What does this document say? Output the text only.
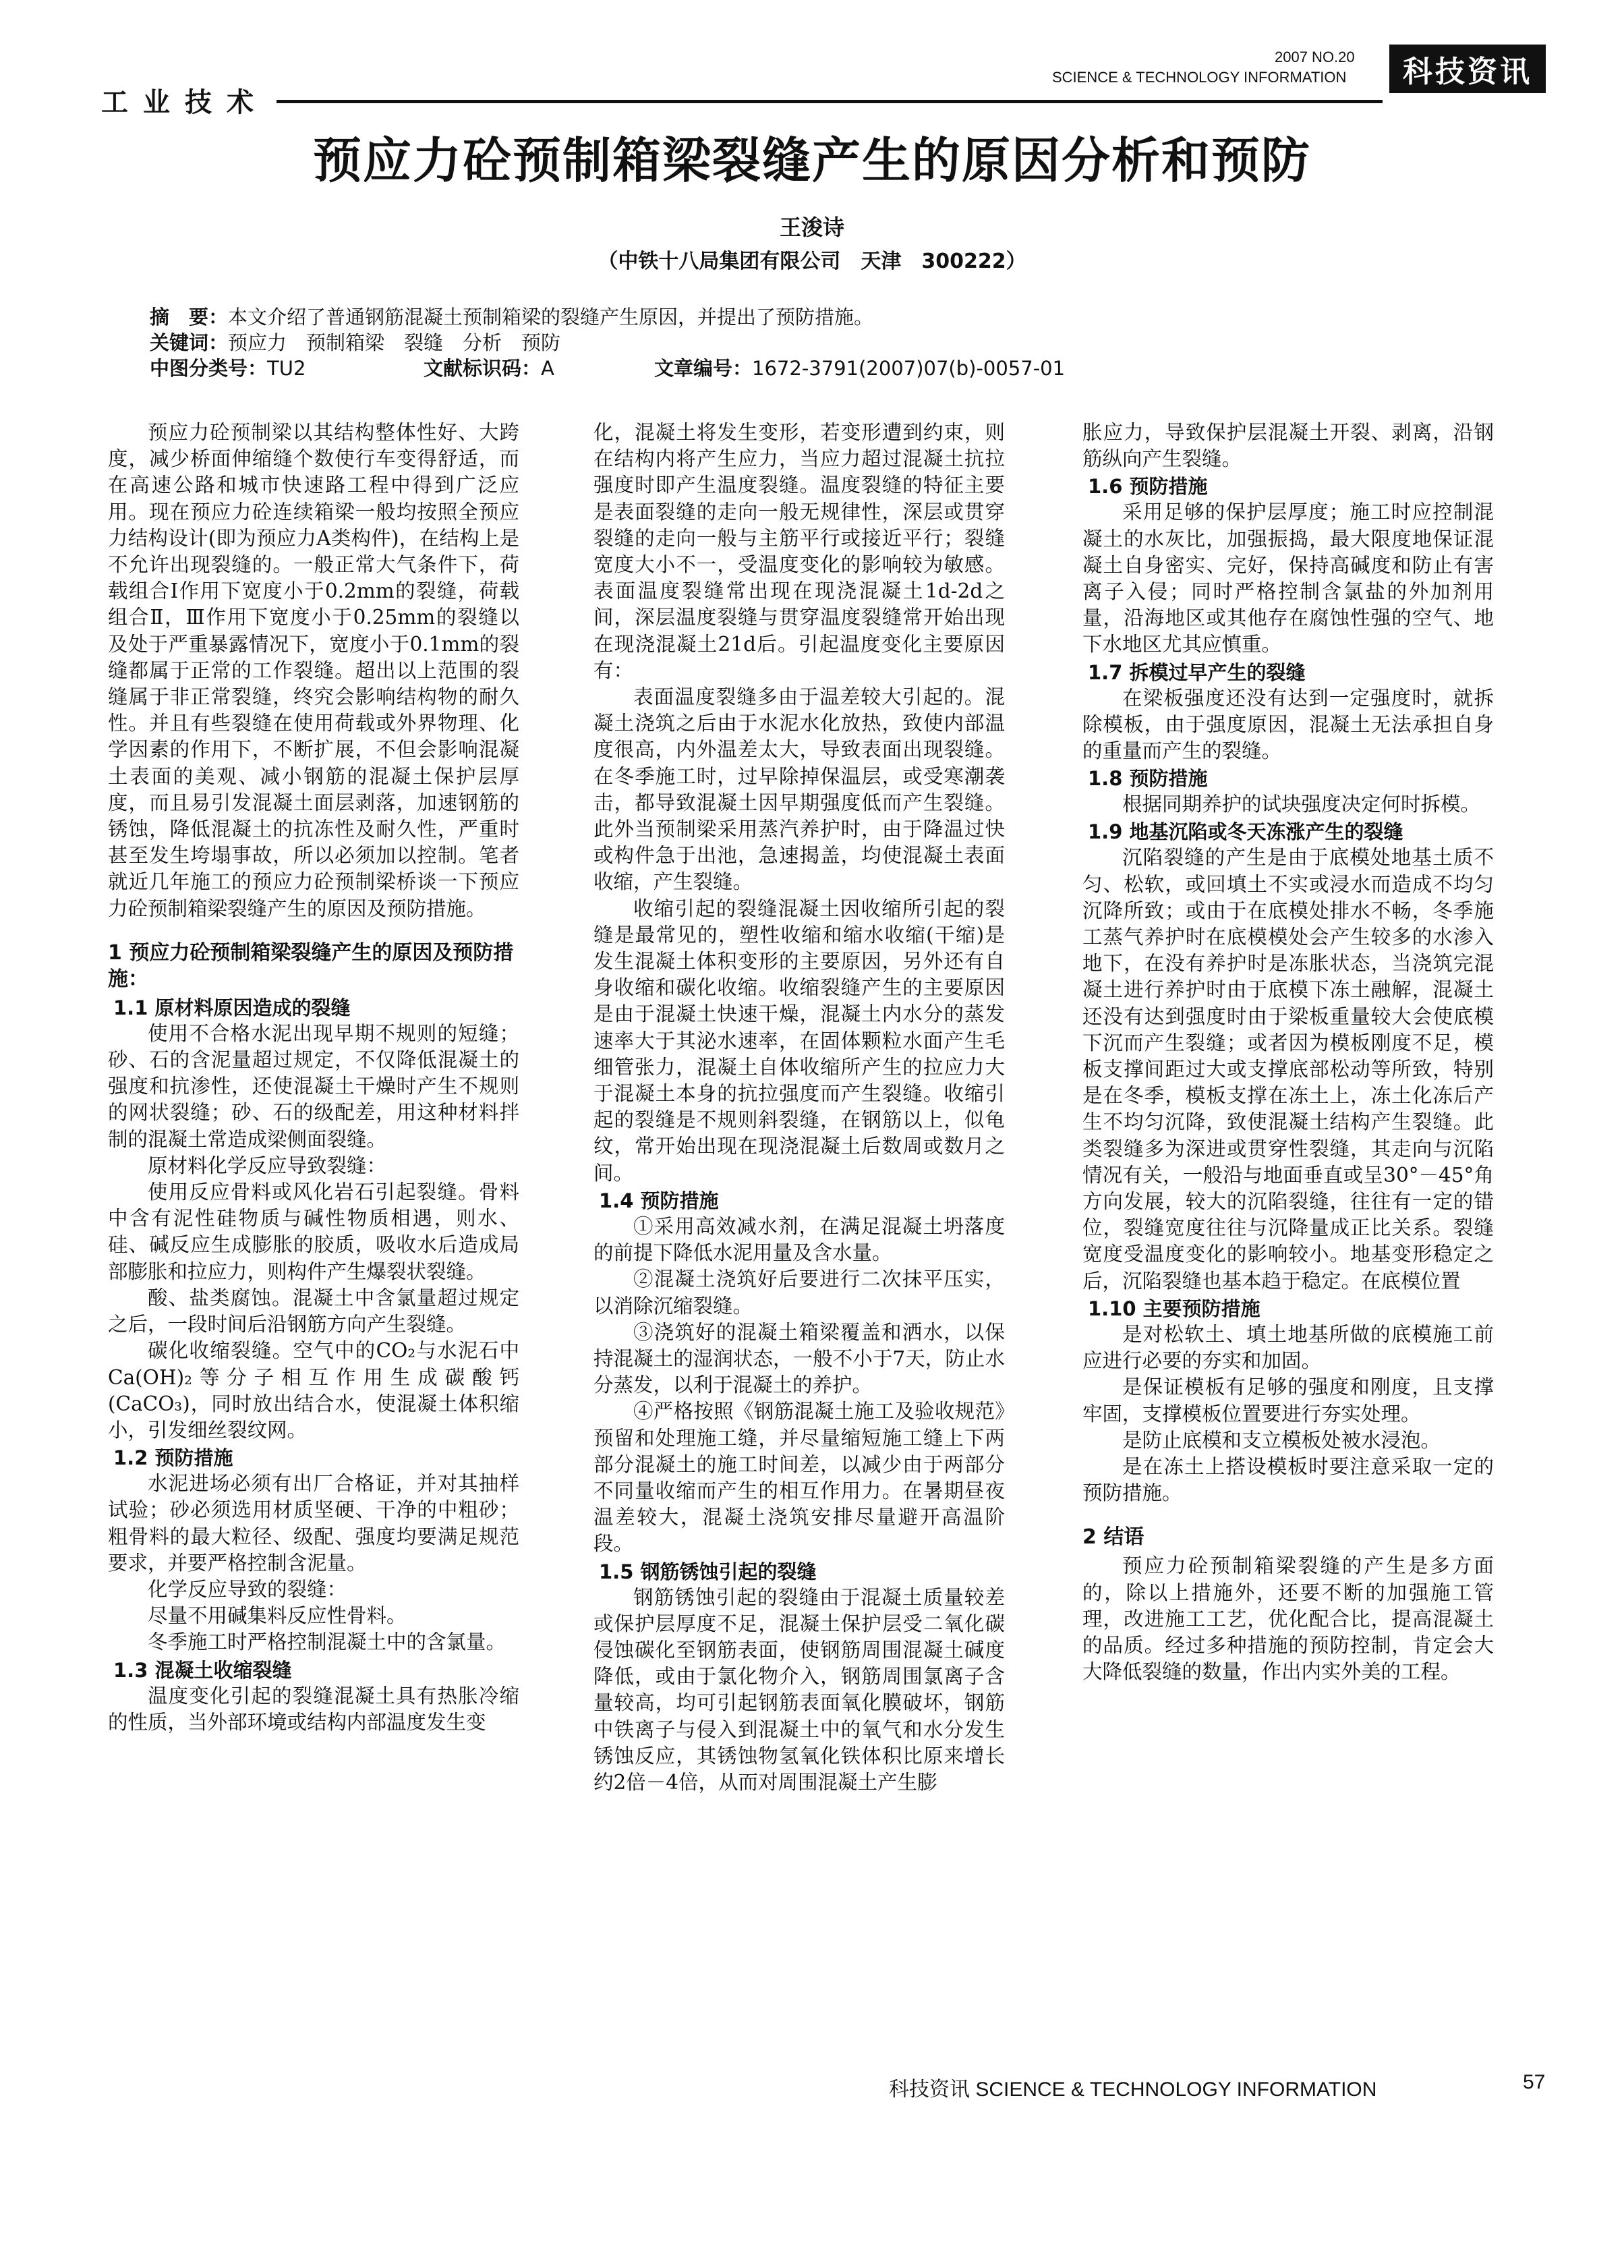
工业技术
2007 NO.20
SCIENCE & TECHNOLOGY INFORMATION	科技资讯
预应力砼预制箱梁裂缝产生的原因分析和预防
王浚诗
（中铁十八局集团有限公司　天津　300222）
摘　要：本文介绍了普通钢筋混凝土预制箱梁的裂缝产生原因，并提出了预防措施。
关键词：预应力　预制箱梁　裂缝　分析　预防
中图分类号：TU2	文献标识码：A	文章编号：1672-3791(2007)07(b)-0057-01

预应力砼预制梁以其结构整体性好、大跨度，减少桥面伸缩缝个数使行车变得舒适，而在高速公路和城市快速路工程中得到广泛应用。现在预应力砼连续箱梁一般均按照全预应力结构设计(即为预应力A类构件)，在结构上是不允许出现裂缝的。一般正常大气条件下，荷载组合Ⅰ作用下宽度小于0.2mm的裂缝，荷载组合Ⅱ，Ⅲ作用下宽度小于0.25mm的裂缝以及处于严重暴露情况下，宽度小于0.1mm的裂缝都属于正常的工作裂缝。超出以上范围的裂缝属于非正常裂缝，终究会影响结构物的耐久性。并且有些裂缝在使用荷载或外界物理、化学因素的作用下，不断扩展，不但会影响混凝土表面的美观、减小钢筋的混凝土保护层厚度，而且易引发混凝土面层剥落，加速钢筋的锈蚀，降低混凝土的抗冻性及耐久性，严重时甚至发生垮塌事故，所以必须加以控制。笔者就近几年施工的预应力砼预制梁桥谈一下预应力砼预制箱梁裂缝产生的原因及预防措施。

1 预应力砼预制箱梁裂缝产生的原因及预防措施：
1.1 原材料原因造成的裂缝

使用不合格水泥出现早期不规则的短缝；砂、石的含泥量超过规定，不仅降低混凝土的强度和抗渗性，还使混凝土干燥时产生不规则的网状裂缝；砂、石的级配差，用这种材料拌制的混凝土常造成梁侧面裂缝。

原材料化学反应导致裂缝：

使用反应骨料或风化岩石引起裂缝。骨料中含有泥性硅物质与碱性物质相遇，则水、硅、碱反应生成膨胀的胶质，吸收水后造成局部膨胀和拉应力，则构件产生爆裂状裂缝。

酸、盐类腐蚀。混凝土中含氯量超过规定之后，一段时间后沿钢筋方向产生裂缝。

碳化收缩裂缝。空气中的CO₂与水泥石中Ca(OH)₂等分子相互作用生成碳酸钙(CaCO₃)，同时放出结合水，使混凝土体积缩小，引发细丝裂纹网。

1.2 预防措施

水泥进场必须有出厂合格证，并对其抽样试验；砂必须选用材质坚硬、干净的中粗砂；粗骨料的最大粒径、级配、强度均要满足规范要求，并要严格控制含泥量。

化学反应导致的裂缝：

尽量不用碱集料反应性骨料。

冬季施工时严格控制混凝土中的含氯量。

1.3 混凝土收缩裂缝

温度变化引起的裂缝混凝土具有热胀冷缩的性质，当外部环境或结构内部温度发生变

化，混凝土将发生变形，若变形遭到约束，则在结构内将产生应力，当应力超过混凝土抗拉强度时即产生温度裂缝。温度裂缝的特征主要是表面裂缝的走向一般无规律性，深层或贯穿裂缝的走向一般与主筋平行或接近平行；裂缝宽度大小不一，受温度变化的影响较为敏感。表面温度裂缝常出现在现浇混凝土1d-2d之间，深层温度裂缝与贯穿温度裂缝常开始出现在现浇混凝土21d后。引起温度变化主要原因有：

表面温度裂缝多由于温差较大引起的。混凝土浇筑之后由于水泥水化放热，致使内部温度很高，内外温差太大，导致表面出现裂缝。在冬季施工时，过早除掉保温层，或受寒潮袭击，都导致混凝土因早期强度低而产生裂缝。此外当预制梁采用蒸汽养护时，由于降温过快或构件急于出池，急速揭盖，均使混凝土表面收缩，产生裂缝。

收缩引起的裂缝混凝土因收缩所引起的裂缝是最常见的，塑性收缩和缩水收缩(干缩)是发生混凝土体积变形的主要原因，另外还有自身收缩和碳化收缩。收缩裂缝产生的主要原因是由于混凝土快速干燥，混凝土内水分的蒸发速率大于其泌水速率，在固体颗粒水面产生毛细管张力，混凝土自体收缩所产生的拉应力大于混凝土本身的抗拉强度而产生裂缝。收缩引起的裂缝是不规则斜裂缝，在钢筋以上，似龟纹，常开始出现在现浇混凝土后数周或数月之间。

1.4 预防措施

①采用高效减水剂，在满足混凝土坍落度的前提下降低水泥用量及含水量。

②混凝土浇筑好后要进行二次抹平压实，以消除沉缩裂缝。

③浇筑好的混凝土箱梁覆盖和洒水，以保持混凝土的湿润状态，一般不小于7天，防止水分蒸发，以利于混凝土的养护。

④严格按照《钢筋混凝土施工及验收规范》预留和处理施工缝，并尽量缩短施工缝上下两部分混凝土的施工时间差，以减少由于两部分不同量收缩而产生的相互作用力。在暑期昼夜温差较大，混凝土浇筑安排尽量避开高温阶段。

1.5 钢筋锈蚀引起的裂缝

钢筋锈蚀引起的裂缝由于混凝土质量较差或保护层厚度不足，混凝土保护层受二氧化碳侵蚀碳化至钢筋表面，使钢筋周围混凝土碱度降低，或由于氯化物介入，钢筋周围氯离子含量较高，均可引起钢筋表面氧化膜破坏，钢筋中铁离子与侵入到混凝土中的氧气和水分发生锈蚀反应，其锈蚀物氢氧化铁体积比原来增长约2倍－4倍，从而对周围混凝土产生膨

胀应力，导致保护层混凝土开裂、剥离，沿钢筋纵向产生裂缝。

1.6 预防措施

采用足够的保护层厚度；施工时应控制混凝土的水灰比，加强振捣，最大限度地保证混凝土自身密实、完好，保持高碱度和防止有害离子入侵；同时严格控制含氯盐的外加剂用量，沿海地区或其他存在腐蚀性强的空气、地下水地区尤其应慎重。

1.7 拆模过早产生的裂缝

在梁板强度还没有达到一定强度时，就拆除模板，由于强度原因，混凝土无法承担自身的重量而产生的裂缝。

1.8 预防措施

根据同期养护的试块强度决定何时拆模。

1.9 地基沉陷或冬天冻涨产生的裂缝

沉陷裂缝的产生是由于底模处地基土质不匀、松软，或回填土不实或浸水而造成不均匀沉降所致；或由于在底模处排水不畅，冬季施工蒸气养护时在底模模处会产生较多的水渗入地下，在没有养护时是冻胀状态，当浇筑完混凝土进行养护时由于底模下冻土融解，混凝土还没有达到强度时由于梁板重量较大会使底模下沉而产生裂缝；或者因为模板刚度不足，模板支撑间距过大或支撑底部松动等所致，特别是在冬季，模板支撑在冻土上，冻土化冻后产生不均匀沉降，致使混凝土结构产生裂缝。此类裂缝多为深进或贯穿性裂缝，其走向与沉陷情况有关，一般沿与地面垂直或呈30°－45°角方向发展，较大的沉陷裂缝，往往有一定的错位，裂缝宽度往往与沉降量成正比关系。裂缝宽度受温度变化的影响较小。地基变形稳定之后，沉陷裂缝也基本趋于稳定。在底模位置

1.10 主要预防措施

是对松软土、填土地基所做的底模施工前应进行必要的夯实和加固。

是保证模板有足够的强度和刚度，且支撑牢固，支撑模板位置要进行夯实处理。

是防止底模和支立模板处被水浸泡。

是在冻土上搭设模板时要注意采取一定的预防措施。

2 结语

预应力砼预制箱梁裂缝的产生是多方面的，除以上措施外，还要不断的加强施工管理，改进施工工艺，优化配合比，提高混凝土的品质。经过多种措施的预防控制，肯定会大大降低裂缝的数量，作出内实外美的工程。

科技资讯 SCIENCE & TECHNOLOGY INFORMATION	57
